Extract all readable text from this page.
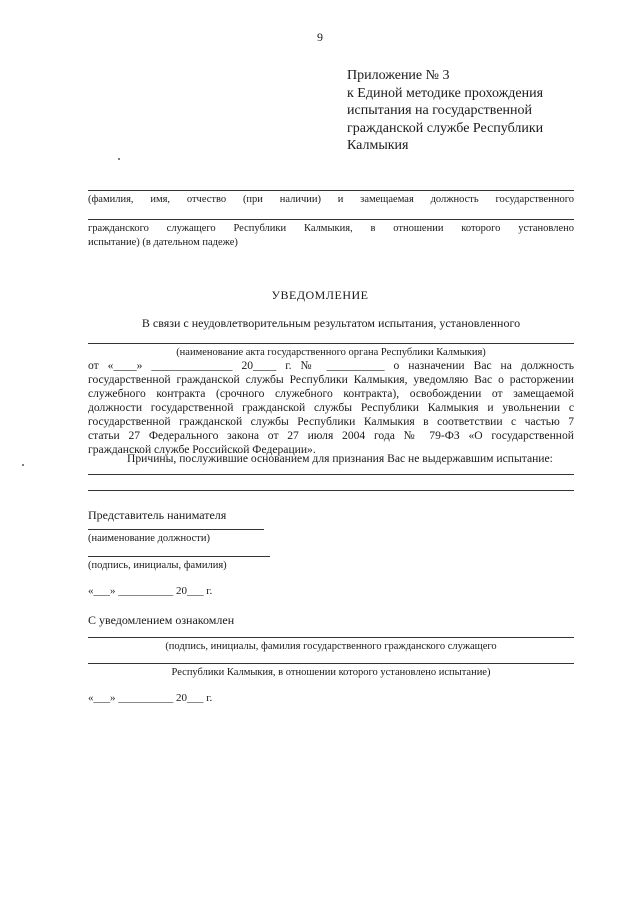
9
Приложение № 3
к Единой методике прохождения
испытания на государственной
гражданской службе Республики
Калмыкия
(фамилия, имя, отчество (при наличии) и замещаемая должность государственного
гражданского служащего Республики Калмыкия, в отношении которого установлено
испытание) (в дательном падеже)
УВЕДОМЛЕНИЕ
В связи с неудовлетворительным результатом испытания, установленного
(наименование акта государственного органа Республики Калмыкия)
от «____» ______________ 20____ г. № __________ о назначении Вас на должность
государственной гражданской службы Республики Калмыкия, уведомляю Вас о расторжении
служебного контракта (срочного служебного контракта), освобождении от замещаемой
должности государственной гражданской службы Республики Калмыкия и увольнении с
государственной гражданской службы Республики Калмыкия в соответствии с частью 7
статьи 27 Федерального закона от 27 июля 2004 года № 79-ФЗ «О государственной
гражданской службе Российской Федерации».
Причины, послужившие основанием для признания Вас не выдержавшим испытание:
Представитель нанимателя
(наименование должности)
(подпись, инициалы, фамилия)
«___» __________ 20___ г.
С уведомлением ознакомлен
(подпись, инициалы, фамилия государственного гражданского служащего
Республики Калмыкия, в отношении которого установлено испытание)
«___» __________ 20___ г.
